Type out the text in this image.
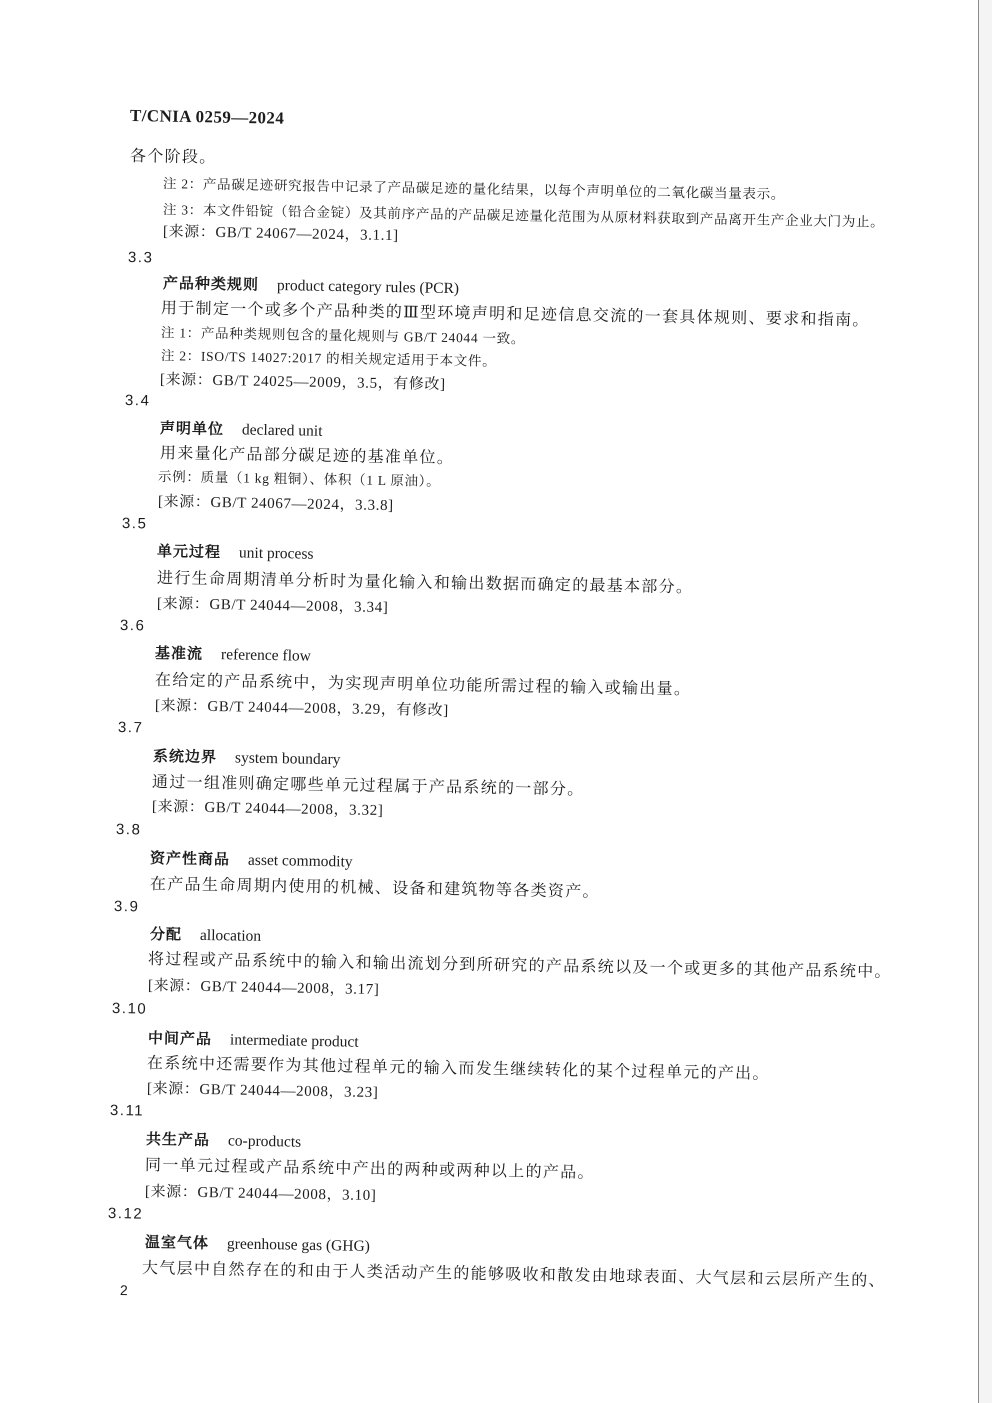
T/CNIA 0259—2024
各个阶段。
注 2：产品碳足迹研究报告中记录了产品碳足迹的量化结果，以每个声明单位的二氧化碳当量表示。
注 3：本文件铅锭（铅合金锭）及其前序产品的产品碳足迹量化范围为从原材料获取到产品离开生产企业大门为止。
[来源：GB/T 24067—2024，3.1.1]
3.3
产品种类规则 product category rules (PCR)
用于制定一个或多个产品种类的Ⅲ型环境声明和足迹信息交流的一套具体规则、要求和指南。
注 1：产品种类规则包含的量化规则与 GB/T 24044 一致。
注 2：ISO/TS 14027:2017 的相关规定适用于本文件。
[来源：GB/T 24025—2009，3.5，有修改]
3.4
声明单位 declared unit
用来量化产品部分碳足迹的基准单位。
示例：质量（1 kg 粗铜）、体积（1 L 原油）。
[来源：GB/T 24067—2024，3.3.8]
3.5
单元过程 unit process
进行生命周期清单分析时为量化输入和输出数据而确定的最基本部分。
[来源：GB/T 24044—2008，3.34]
3.6
基准流 reference flow
在给定的产品系统中，为实现声明单位功能所需过程的输入或输出量。
[来源：GB/T 24044—2008，3.29，有修改]
3.7
系统边界 system boundary
通过一组准则确定哪些单元过程属于产品系统的一部分。
[来源：GB/T 24044—2008，3.32]
3.8
资产性商品 asset commodity
在产品生命周期内使用的机械、设备和建筑物等各类资产。
3.9
分配 allocation
将过程或产品系统中的输入和输出流划分到所研究的产品系统以及一个或更多的其他产品系统中。
[来源：GB/T 24044—2008，3.17]
3.10
中间产品 intermediate product
在系统中还需要作为其他过程单元的输入而发生继续转化的某个过程单元的产出。
[来源：GB/T 24044—2008，3.23]
3.11
共生产品 co-products
同一单元过程或产品系统中产出的两种或两种以上的产品。
[来源：GB/T 24044—2008，3.10]
3.12
温室气体 greenhouse gas (GHG)
大气层中自然存在的和由于人类活动产生的能够吸收和散发由地球表面、大气层和云层所产生的、
2
